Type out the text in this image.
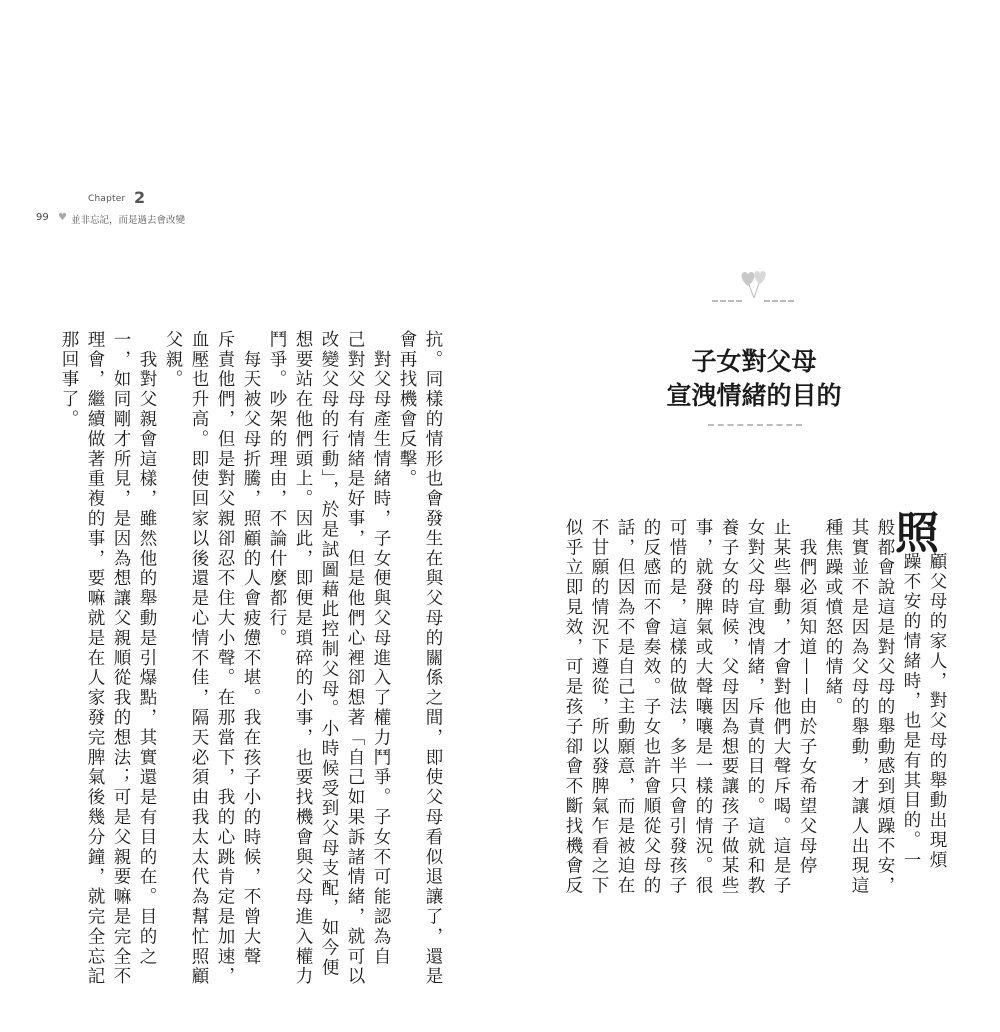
Chapter 2
99 ♥ 並非忘記，而是過去會改變
子女對父母
宣洩情緒的目的
照
顧父母的家人，對父母的舉動出現煩
躁不安的情緒時，也是有其目的。一
般都會說這是對父母的舉動感到煩躁不安，
其實並不是因為父母的舉動，才讓人出現這
種焦躁或憤怒的情緒。
　我們必須知道——由於子女希望父母停
止某些舉動，才會對他們大聲斥喝。這是子
女對父母宣洩情緒，斥責的目的。這就和教
養子女的時候，父母因為想要讓孩子做某些
事，就發脾氣或大聲嚷嚷是一樣的情況。很
可惜的是，這樣的做法，多半只會引發孩子
的反感而不會奏效。子女也許會順從父母的
話，但因為不是自己主動願意，而是被迫在
不甘願的情況下遵從，所以發脾氣乍看之下
似乎立即見效，可是孩子卻會不斷找機會反
抗。同樣的情形也會發生在與父母的關係之間，即使父母看似退讓了，還是
會再找機會反擊。
　對父母產生情緒時，子女便與父母進入了權力鬥爭。子女不可能認為自
己對父母有情緒是好事，但是他們心裡卻想著「自己如果訴諸情緒，就可以
改變父母的行動」，於是試圖藉此控制父母。小時候受到父母支配，如今便
想要站在他們頭上。因此，即便是瑣碎的小事，也要找機會與父母進入權力
鬥爭。吵架的理由，不論什麼都行。
　每天被父母折騰，照顧的人會疲憊不堪。我在孩子小的時候，不曾大聲
斥責他們，但是對父親卻忍不住大小聲。在那當下，我的心跳肯定是加速，
血壓也升高。即使回家以後還是心情不佳，隔天必須由我太太代為幫忙照顧
父親。
　我對父親會這樣，雖然他的舉動是引爆點，其實還是有目的在。目的之
一，如同剛才所見，是因為想讓父親順從我的想法；可是父親要嘛是完全不
理會，繼續做著重複的事，要嘛就是在人家發完脾氣後幾分鐘，就完全忘記
那回事了。
